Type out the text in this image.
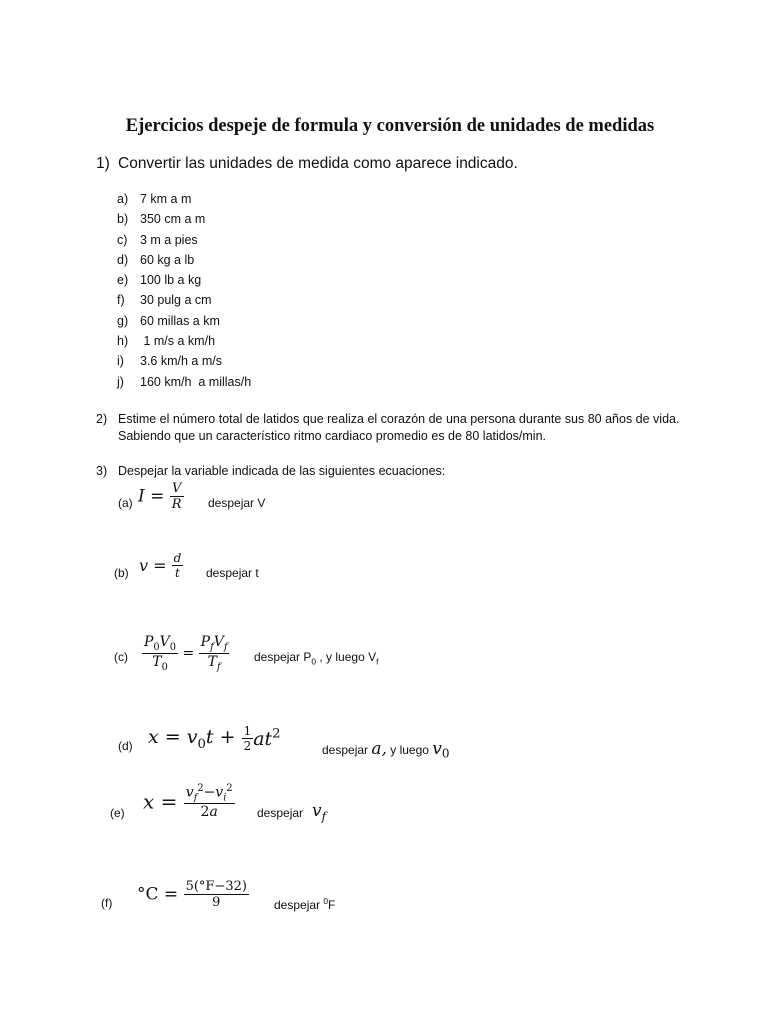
Ejercicios despeje de formula y conversión de unidades de medidas
1) Convertir las unidades de medida como aparece indicado.
a) 7 km a m
b) 350 cm a m
c) 3 m a pies
d) 60 kg a lb
e) 100 lb a kg
f) 30 pulg a cm
g) 60 millas a km
h) 1 m/s a km/h
i) 3.6 km/h a m/s
j) 160 km/h  a millas/h
2) Estime el número total de latidos que realiza el corazón de una persona durante sus 80 años de vida. Sabiendo que un característico ritmo cardiaco promedio es de 80 latidos/min.
3) Despejar la variable indicada de las siguientes ecuaciones:
(a) $I = \frac{V}{R}$ despejar V
(b) $v = \frac{d}{t}$ despejar t
$(c) \frac{P_0V_0}{T_0} = \frac{P_fV_f}{T_f}$ despejar $P_0$ , y luego $V_f$
(d) $x = v_0t + \frac{1}{2} at^2$
despejar a, y luego $v_0$
(e) $x = \frac{v_f^2-v_i^2}{2a}$ despejar $v_f$
(f) $^\circ C = \frac{5(^\circ F-32)}{9}$ despejar $^0$F
